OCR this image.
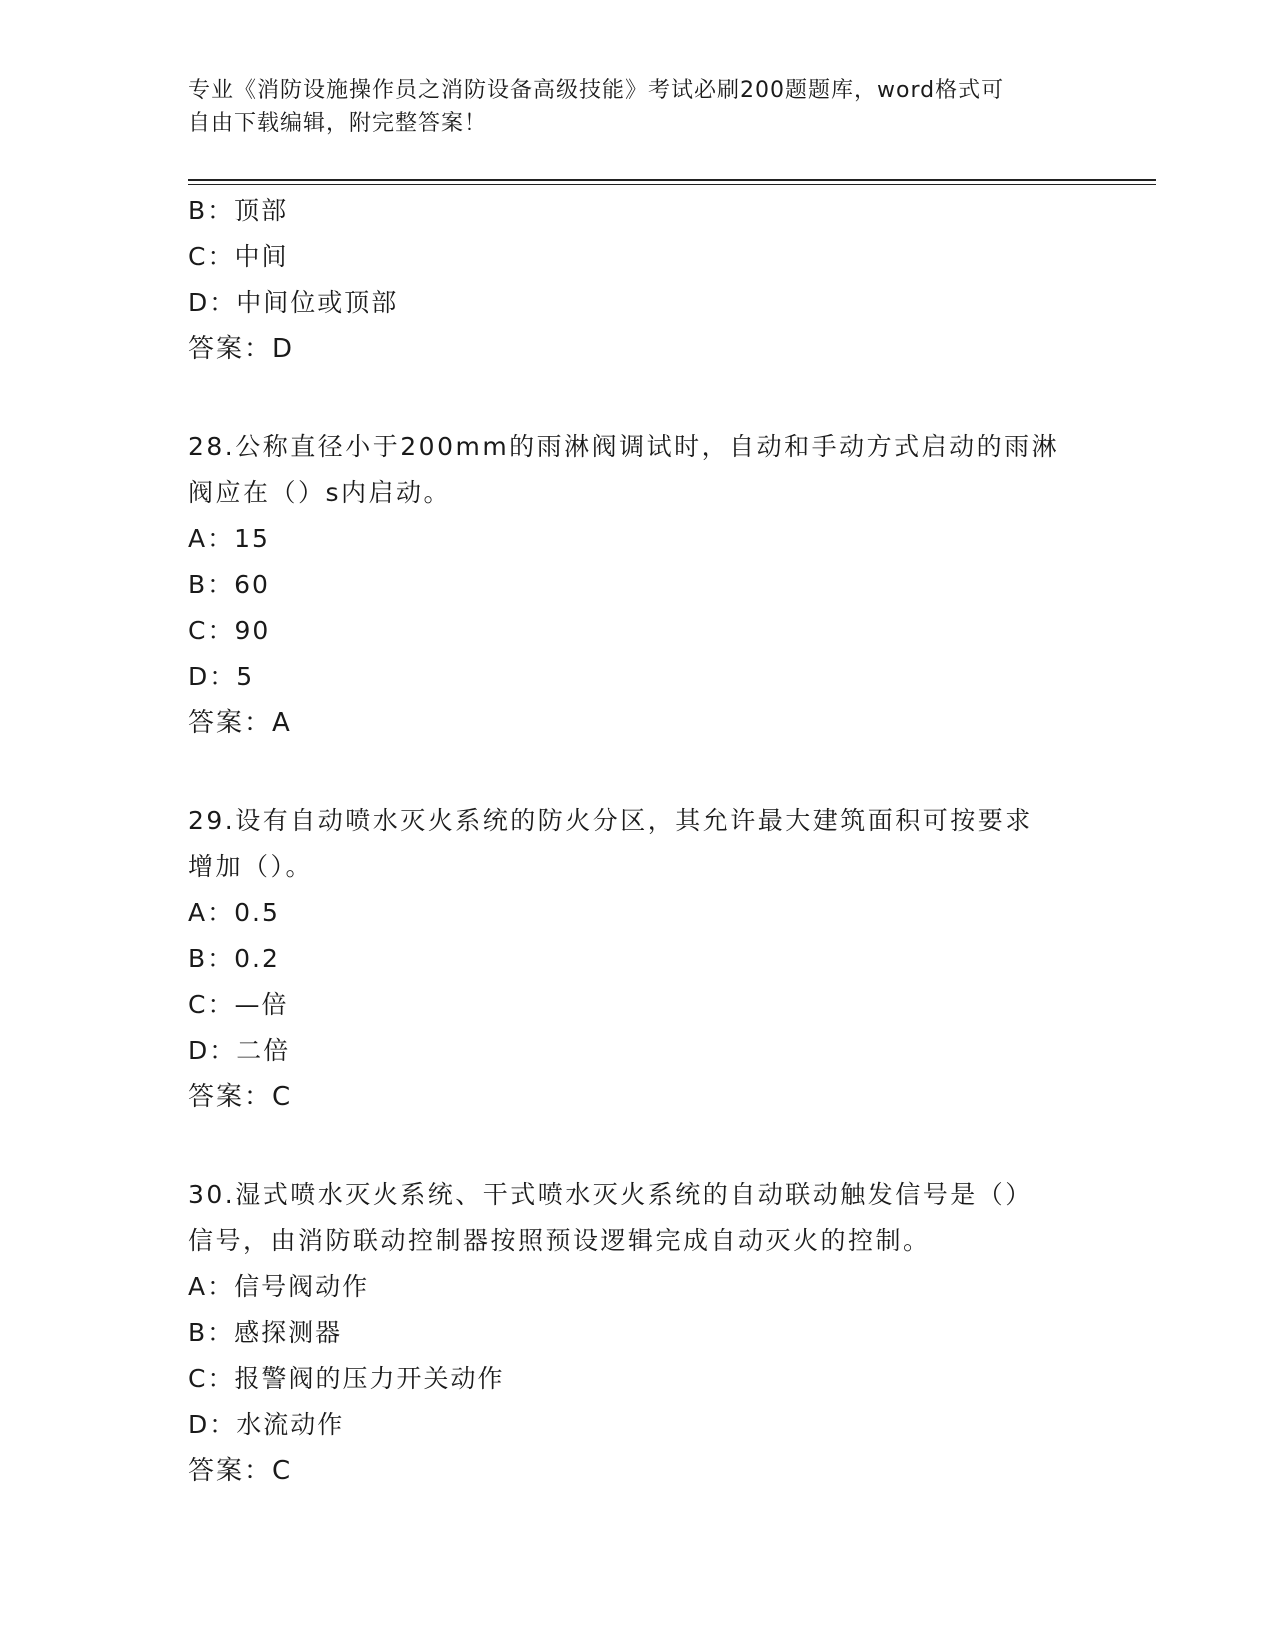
专业《消防设施操作员之消防设备高级技能》考试必刷200题题库，word格式可
自由下载编辑，附完整答案！
B：顶部
C：中间
D：中间位或顶部
答案：D
28.公称直径小于200mm的雨淋阀调试时，自动和手动方式启动的雨淋
阀应在（）s内启动。
A：15
B：60
C：90
D：5
答案：A
29.设有自动喷水灭火系统的防火分区，其允许最大建筑面积可按要求
增加（）。
A：0.5
B：0.2
C：—倍
D：二倍
答案：C
30.湿式喷水灭火系统、干式喷水灭火系统的自动联动触发信号是（）
信号，由消防联动控制器按照预设逻辑完成自动灭火的控制。
A：信号阀动作
B：感探测器
C：报警阀的压力开关动作
D：水流动作
答案：C
